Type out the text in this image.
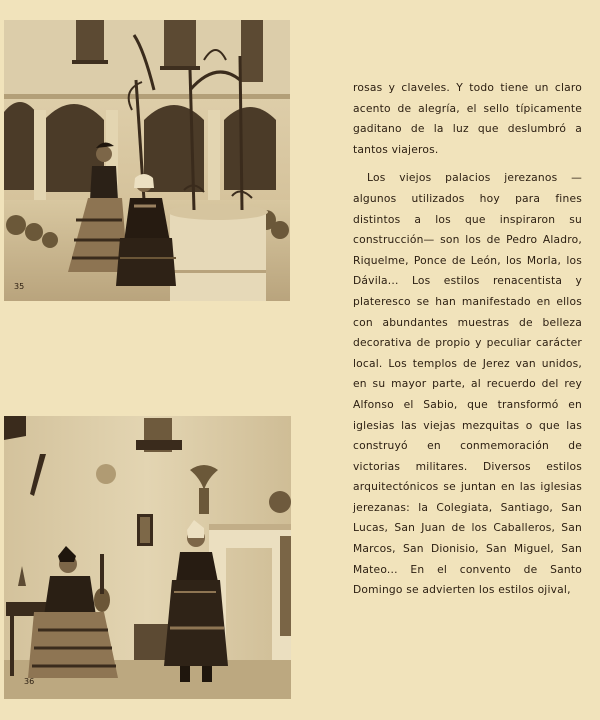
35
36

rosas y claveles. Y todo tiene un claro acento de alegría, el sello típicamente gaditano de la luz que deslumbró a tantos viajeros.

Los viejos palacios jerezanos —algunos utilizados hoy para fines distintos a los que inspiraron su construcción— son los de Pedro Aladro, Riquelme, Ponce de León, los Morla, los Dávila... Los estilos renacentista y plateresco se han manifestado en ellos con abundantes muestras de belleza decorativa de propio y peculiar carácter local. Los templos de Jerez van unidos, en su mayor parte, al recuerdo del rey Alfonso el Sabio, que transformó en iglesias las viejas mezquitas o que las construyó en conmemoración de victorias militares. Diversos estilos arquitectónicos se juntan en las iglesias jerezanas: la Colegiata, Santiago, San Lucas, San Juan de los Caballeros, San Marcos, San Dionisio, San Miguel, San Mateo... En el convento de Santo Domingo se advierten los estilos ojival,
